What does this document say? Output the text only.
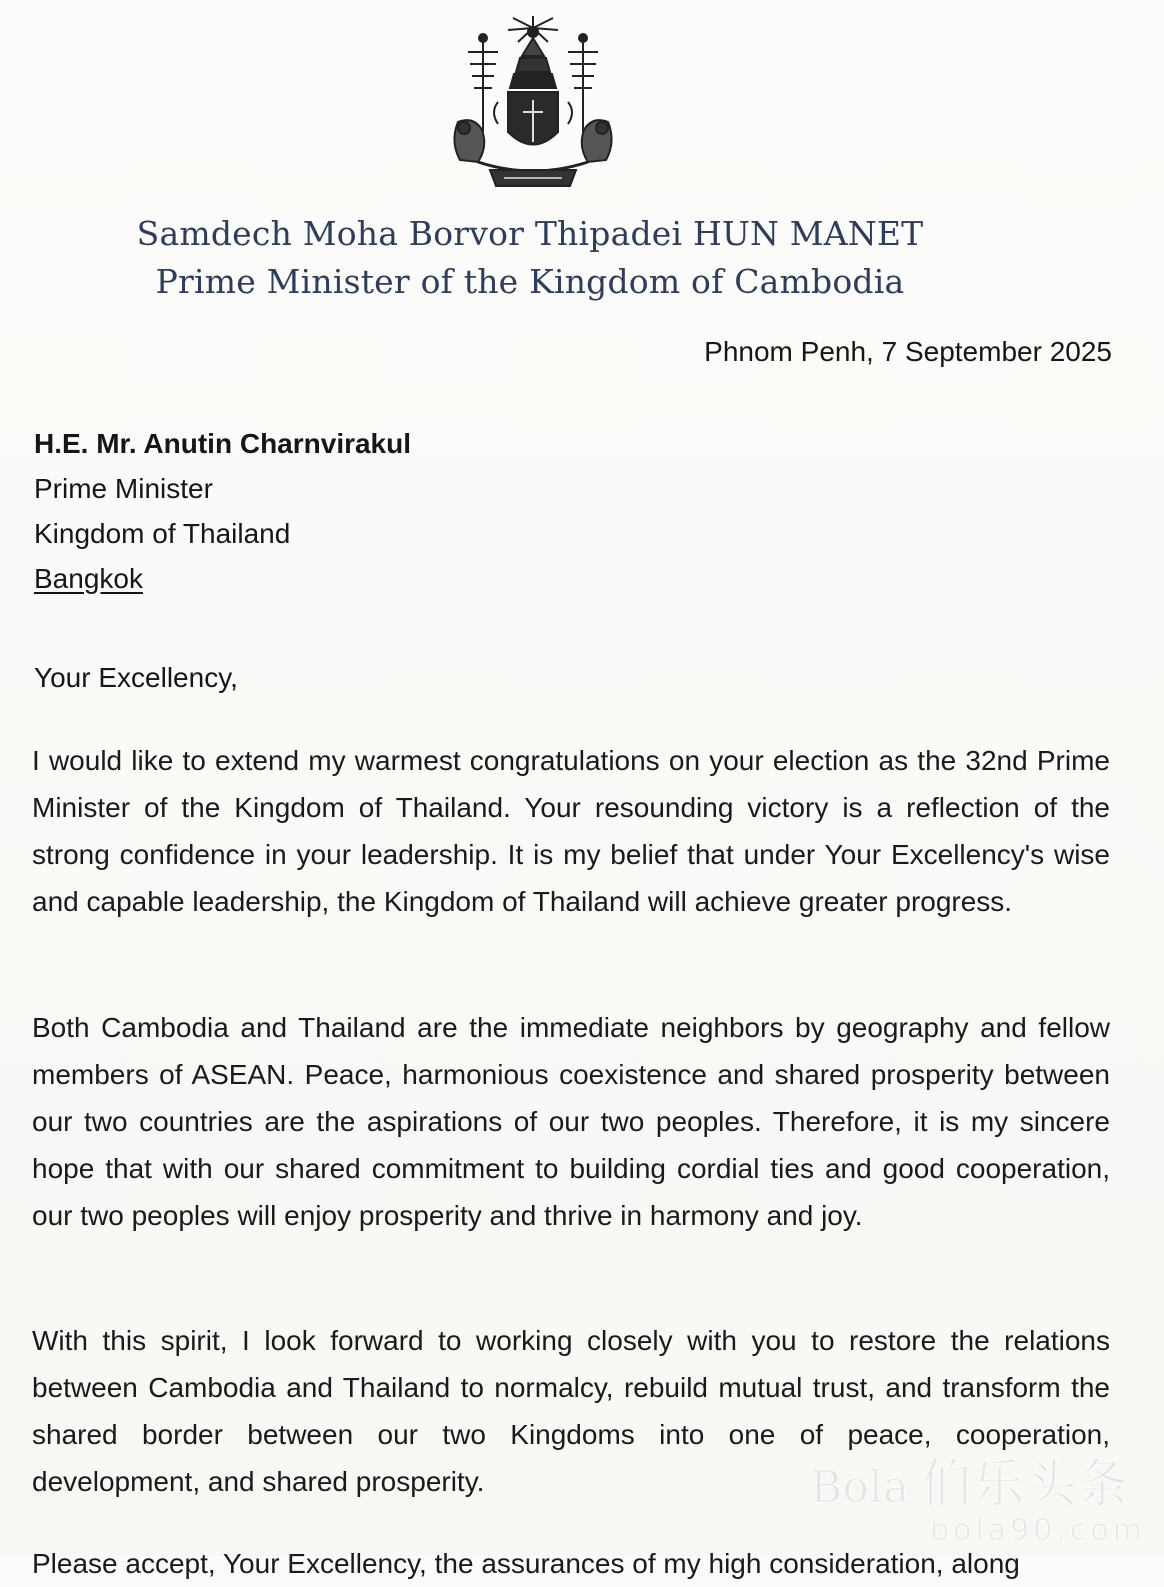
Samdech Moha Borvor Thipadei HUN MANET
Prime Minister of the Kingdom of Cambodia
Phnom Penh, 7 September 2025
H.E. Mr. Anutin Charnvirakul
Prime Minister
Kingdom of Thailand
Bangkok
Your Excellency,
I would like to extend my warmest congratulations on your election as the 32nd Prime Minister of the Kingdom of Thailand. Your resounding victory is a reflection of the strong confidence in your leadership. It is my belief that under Your Excellency's wise and capable leadership, the Kingdom of Thailand will achieve greater progress.
Both Cambodia and Thailand are the immediate neighbors by geography and fellow members of ASEAN. Peace, harmonious coexistence and shared prosperity between our two countries are the aspirations of our two peoples. Therefore, it is my sincere hope that with our shared commitment to building cordial ties and good cooperation, our two peoples will enjoy prosperity and thrive in harmony and joy.
With this spirit, I look forward to working closely with you to restore the relations between Cambodia and Thailand to normalcy, rebuild mutual trust, and transform the shared border between our two Kingdoms into one of peace, cooperation, development, and shared prosperity.
Please accept, Your Excellency, the assurances of my high consideration, along
Bola 伯乐头条
bola90.com
